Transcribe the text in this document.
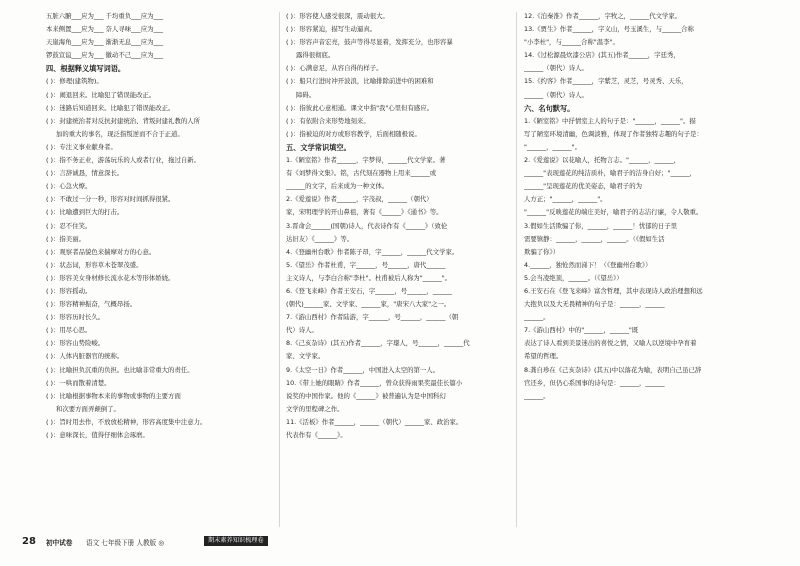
五脏六腑___应为___ 千均重负___应为___
本来侧置___应为___ 奈人寻味___应为___
天崖海角___应为___ 渐渐无息___应为___
锣鼓宣谊___应为___ 徽动不己___应为___
四、根据释义填写词语。
( )：修理(建筑物)。
( )：闹退回来。比喻犯了错误能改正。
( )：迷路后知道回来。比喻犯了错误能改正。
( )：封建统治者对反抗封建统治、背叛封建礼教的人所
加的重大的事名，现泛指叛逆而不合于正道。
( )：专注义事业献身者。
( )：指不务正业，游荡玩乐的人或者行业，拖过自新。
( )：言辞诚恳，情意深长。
( )：心急火燎。
( )：不敢过一分一秒，形容对时间抓得很紧。
( )：比喻遭到巨大的打击。
( )：忍不住笑。
( )：指美丽。
( )：观察者品貌色来揣摩对方的心意。
( )：状态词，形容草木苍翠茂盛。
( )：形容美女身材修长流水花木等形体娇娆。
( )：形容摇动。
( )：形容精神振奋，气概昂扬。
( )：形容历时长久。
( )：用尽心思。
( )：形容山势险峻。
( )：人体内脏器官的统称。
( )：比喻担负沉重的负担。也比喻非常重大的责任。
( )：一哄而散着清楚。
( )：比喻根据事物本来的事物或事物的主要方面
和次要方面弄颠倒了。
( )：旨时用去作，不放放松精神，形容高度集中注意力。
( )：意味深长，值得仔细体会琢磨。
( )：形容使人感受很深，震动很大。
( )：形容紧迫，描写生动逼真。
( )：形容声音宏亮，鼓声等得尽显着，发挥充分，也形容暴
露得很彻底。
( )：心满意足，从容自得的样子。
( )：船只行进时冲开波浪，比喻排除前进中的困难和
障碍。
( )：指彼此心意相通。课文中指"我"心里但有感应。
( )：有依附合来形势地刻来。
( )：指被迫的对方或形容教学，后面相随极说。
五、文学常识填空。
1.《陋室铭》作者______，字梦得，______代文学家。著
有《刘梦得文集》。铭，古代刻在器物上用来______或
______的文字，后来成为一种文体。
2.《爱莲说》作者______，字茂叔，______（朝代）
家，宋明理学的开山鼻祖，著有《______》《通书》等。
3.晋命会______(国朝)诗人，代表诗作有《______》（致伦
达旧友）《______》等。
4.《登幽州台歌》作者陈子昂，字______，______代文学家。
5.《望岳》作者杜甫，字______，号______，唐代______
主义诗人，与李白合称"李杜"。杜甫被后人称为"______"。
6.《登飞来峰》作者王安石，字______，号______，______
(朝代)______家、文学家、______家，"唐宋八大家"之一。
7.《游山西村》作者陆游，字______，号______，______（朝
代）诗人。
8.《己亥杂诗》(其五)作者______，字璱人，号______，______代
家、文学家。
9.《太空一日》作者______，中国进入太空的第一人。
10.《带上她的眼睛》作者______，曾众获得雨果奖最佳长篇小
说奖的中国作家。他的《______》被普遍认为是中国科幻
文学的里程碑之作。
11.《活板》作者______，______（朝代）______家、政治家。
代表作有《______》。
12.《泊秦淮》作者______，字牧之，______代文学家。
13.《贾生》作者______，字义山，号玉溪生，与______合称
"小李杜"，与______合称"温李"。
14.《过松源晨炊漆公店》(其五)作者______，字廷秀，
______（朝代）诗人。
15.《约客》作者______，字紫芝，灵芝，号灵秀、天乐，
______（朝代）诗人。
六、名句默写。
1.《陋室铭》中抒情室主人的句子是："______，______"。描
写了陋室环境清幽，色调淡雅，体现了作者独特志趣的句子是：
"______，______"。
2.《爱莲说》以花喻人，托物言志。"______，______，
______"表现莲花的纯洁质朴，喻君子的洁身自好；"______，
______"呈现莲花的优美姿态，喻君子的为
人方正；"______，______"。
"______"反映莲花的端庄美好，喻君子的志洁行廉，令人敬重。
3.假如生活欺骗了你，______，______！忧郁的日子里
需要镇静：______，______，______。（《假如生活
欺骗了你》）
4.______，独怆然而涕下！（《登幽州台歌》）
5.会当凌绝顶，______。（《望岳》）
6.王安石在《登飞来峰》富含哲理，其中表现诗人政治理想和远
大抱负以及大无畏精神的句子是：______，______
______。
7.《游山西村》中的"______，______"既
表达了诗人看到美景迷出的喜悦之情，又喻人以逆境中孕育着
希望的哲理。
8.龚自珍在《己亥杂诗》(其五)中以落花为喻，表明自己虽已辞
官还乡，但仍心系国事的诗句是：______，______
______。
28 初中试卷 语文 七年级下册 人教版 ◎	期末素养知识梳理卷
